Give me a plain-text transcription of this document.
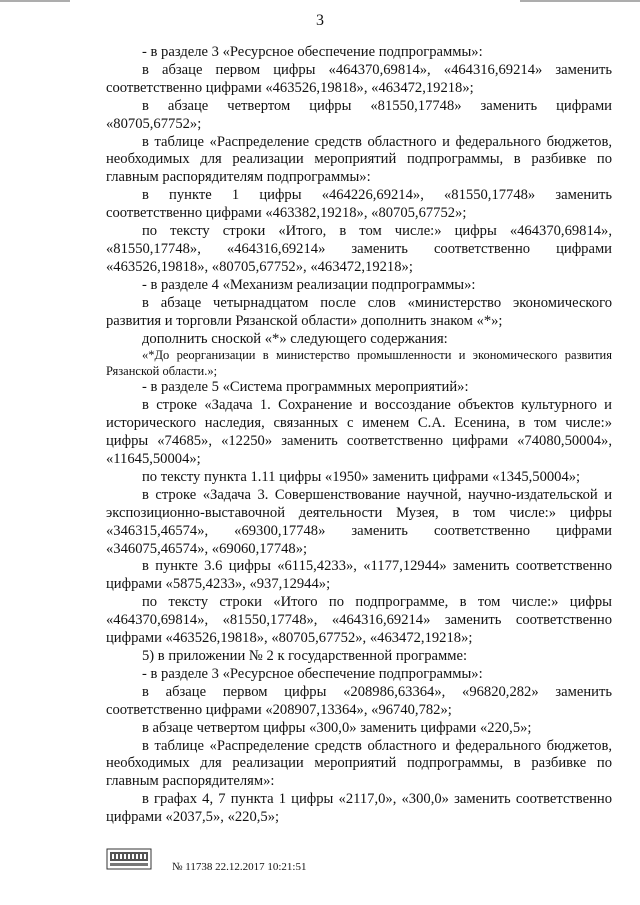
3

- в разделе 3 «Ресурсное обеспечение подпрограммы»:

в абзаце первом цифры «464370,69814», «464316,69214» заменить соответственно цифрами «463526,19818», «463472,19218»;

в абзаце четвертом цифры «81550,17748» заменить цифрами «80705,67752»;

в таблице «Распределение средств областного и федерального бюджетов, необходимых для реализации мероприятий подпрограммы, в разбивке по главным распорядителям подпрограммы»:

в пункте 1 цифры «464226,69214», «81550,17748» заменить соответственно цифрами «463382,19218», «80705,67752»;

по тексту строки «Итого, в том числе:» цифры «464370,69814», «81550,17748», «464316,69214» заменить соответственно цифрами «463526,19818», «80705,67752», «463472,19218»;

- в разделе 4 «Механизм реализации подпрограммы»:

в абзаце четырнадцатом после слов «министерство экономического развития и торговли Рязанской области» дополнить знаком «*»;

дополнить сноской «*» следующего содержания:

«*До реорганизации в министерство промышленности и экономического развития Рязанской области.»;

- в разделе 5 «Система программных мероприятий»:

в строке «Задача 1. Сохранение и воссоздание объектов культурного и исторического наследия, связанных с именем С.А. Есенина, в том числе:» цифры «74685», «12250» заменить соответственно цифрами «74080,50004», «11645,50004»;

по тексту пункта 1.11 цифры «1950» заменить цифрами «1345,50004»;

в строке «Задача 3. Совершенствование научной, научно-издательской и экспозиционно-выставочной деятельности Музея, в том числе:» цифры «346315,46574», «69300,17748» заменить соответственно цифрами «346075,46574», «69060,17748»;

в пункте 3.6 цифры «6115,4233», «1177,12944» заменить соответственно цифрами «5875,4233», «937,12944»;

по тексту строки «Итого по подпрограмме, в том числе:» цифры «464370,69814», «81550,17748», «464316,69214» заменить соответственно цифрами «463526,19818», «80705,67752», «463472,19218»;

5) в приложении № 2 к государственной программе:

- в разделе 3 «Ресурсное обеспечение подпрограммы»:

в абзаце первом цифры «208986,63364», «96820,282» заменить соответственно цифрами «208907,13364», «96740,782»;

в абзаце четвертом цифры «300,0» заменить цифрами «220,5»;

в таблице «Распределение средств областного и федерального бюджетов, необходимых для реализации мероприятий подпрограммы, в разбивке по главным распорядителям»:

в графах 4, 7 пункта 1 цифры «2117,0», «300,0» заменить соответственно цифрами «2037,5», «220,5»;

№ 11738 22.12.2017 10:21:51
